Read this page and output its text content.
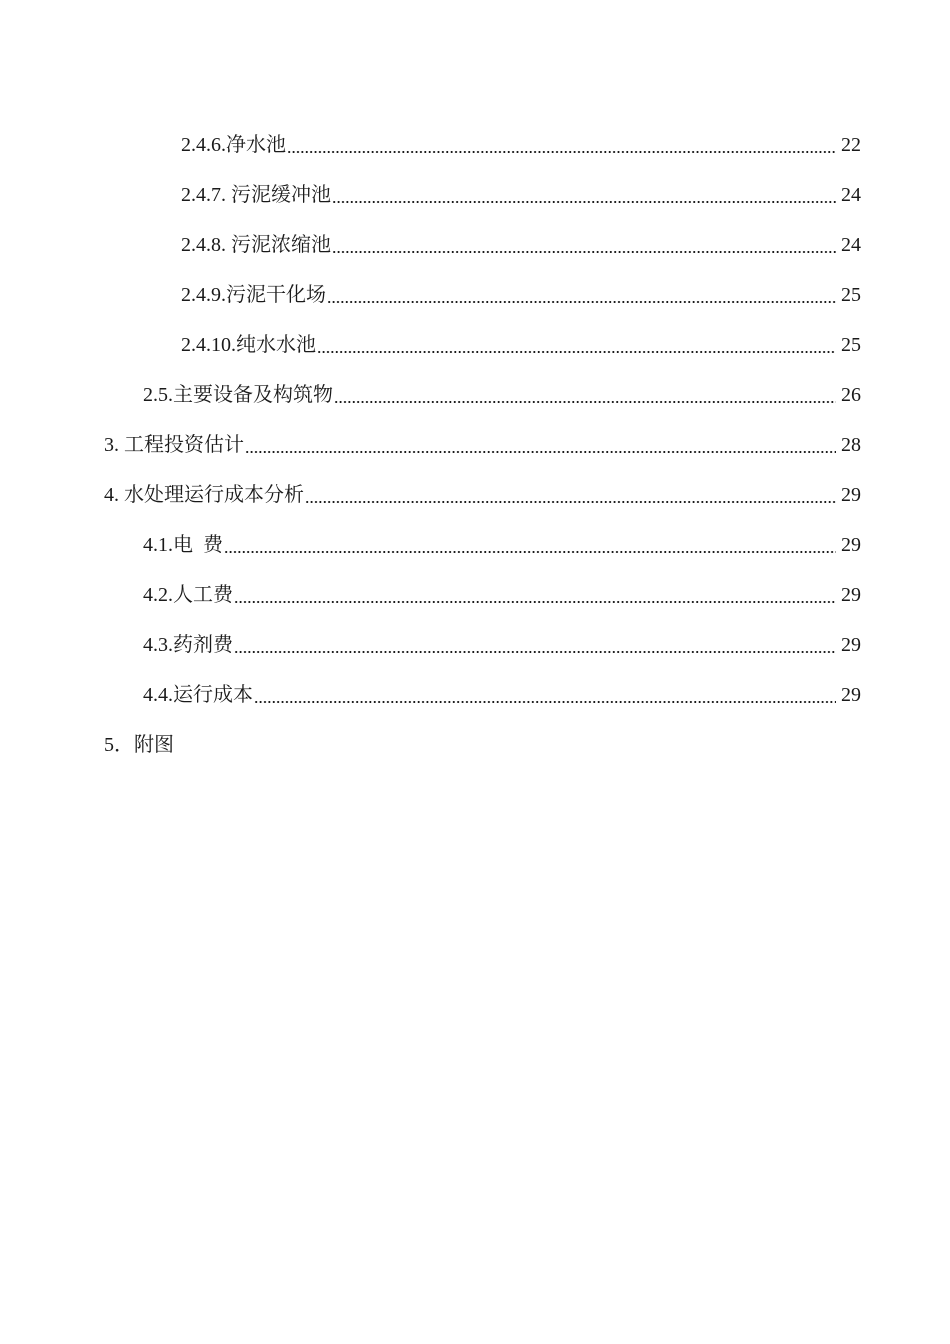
2.4.6.净水池	22
2.4.7. 污泥缓冲池	24
2.4.8. 污泥浓缩池	24
2.4.9.污泥干化场	25
2.4.10.纯水水池	25
2.5.主要设备及构筑物	26
3. 工程投资估计	28
4. 水处理运行成本分析	29
4.1.电  费	29
4.2.人工费	29
4.3.药剂费	29
4.4.运行成本	29
5．附图
